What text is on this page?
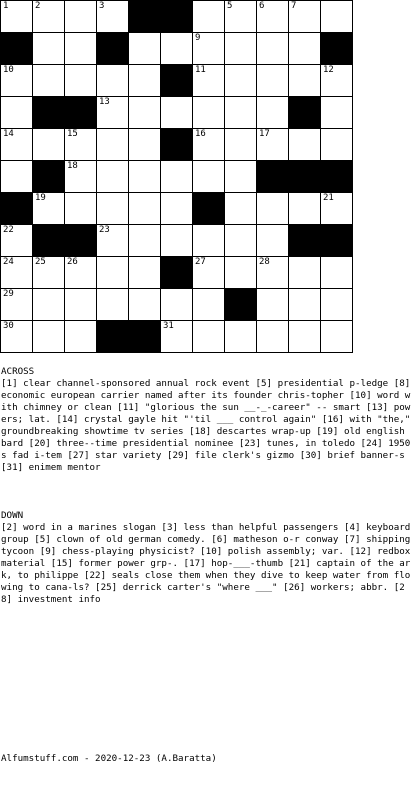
1	2	3	5	6	7
9
10	11	12
13
14	15	16	17
18
19	21
22	23
24 25 26	27	28
29
30	31
ACROSS

[1] clear channel-sponsored annual rock event [5] presidential p-ledge [8] economic european carrier named after its founder chris-topher [10] word with chimney or clean [11] "glorious the sun __-_-career" -- smart [13] powers; lat. [14] crystal gayle hit "'til ___ control again" [16] with "the," groundbreaking showtime tv series [18] descartes wrap-up [19] old english bard [20] three--time presidential nominee [23] tunes, in toledo [24] 1950s fad i-tem [27] star variety [29] file clerk's gizmo [30] brief banner-s [31] enimem mentor

DOWN

[2] word in a marines slogan [3] less than helpful passengers [4] keyboard group [5] clown of old german comedy. [6] matheson o-r conway [7] shipping tycoon [9] chess-playing physicist? [10] polish assembly; var. [12] redbox material [15] former power grp-. [17] hop-___-thumb [21] captain of the ark, to philippe [22] seals close them when they dive to keep water from flowing to cana-ls? [25] derrick carter's "where ___" [26] workers; abbr. [28] investment info

Alfumstuff.com - 2020-12-23 (A.Baratta)
